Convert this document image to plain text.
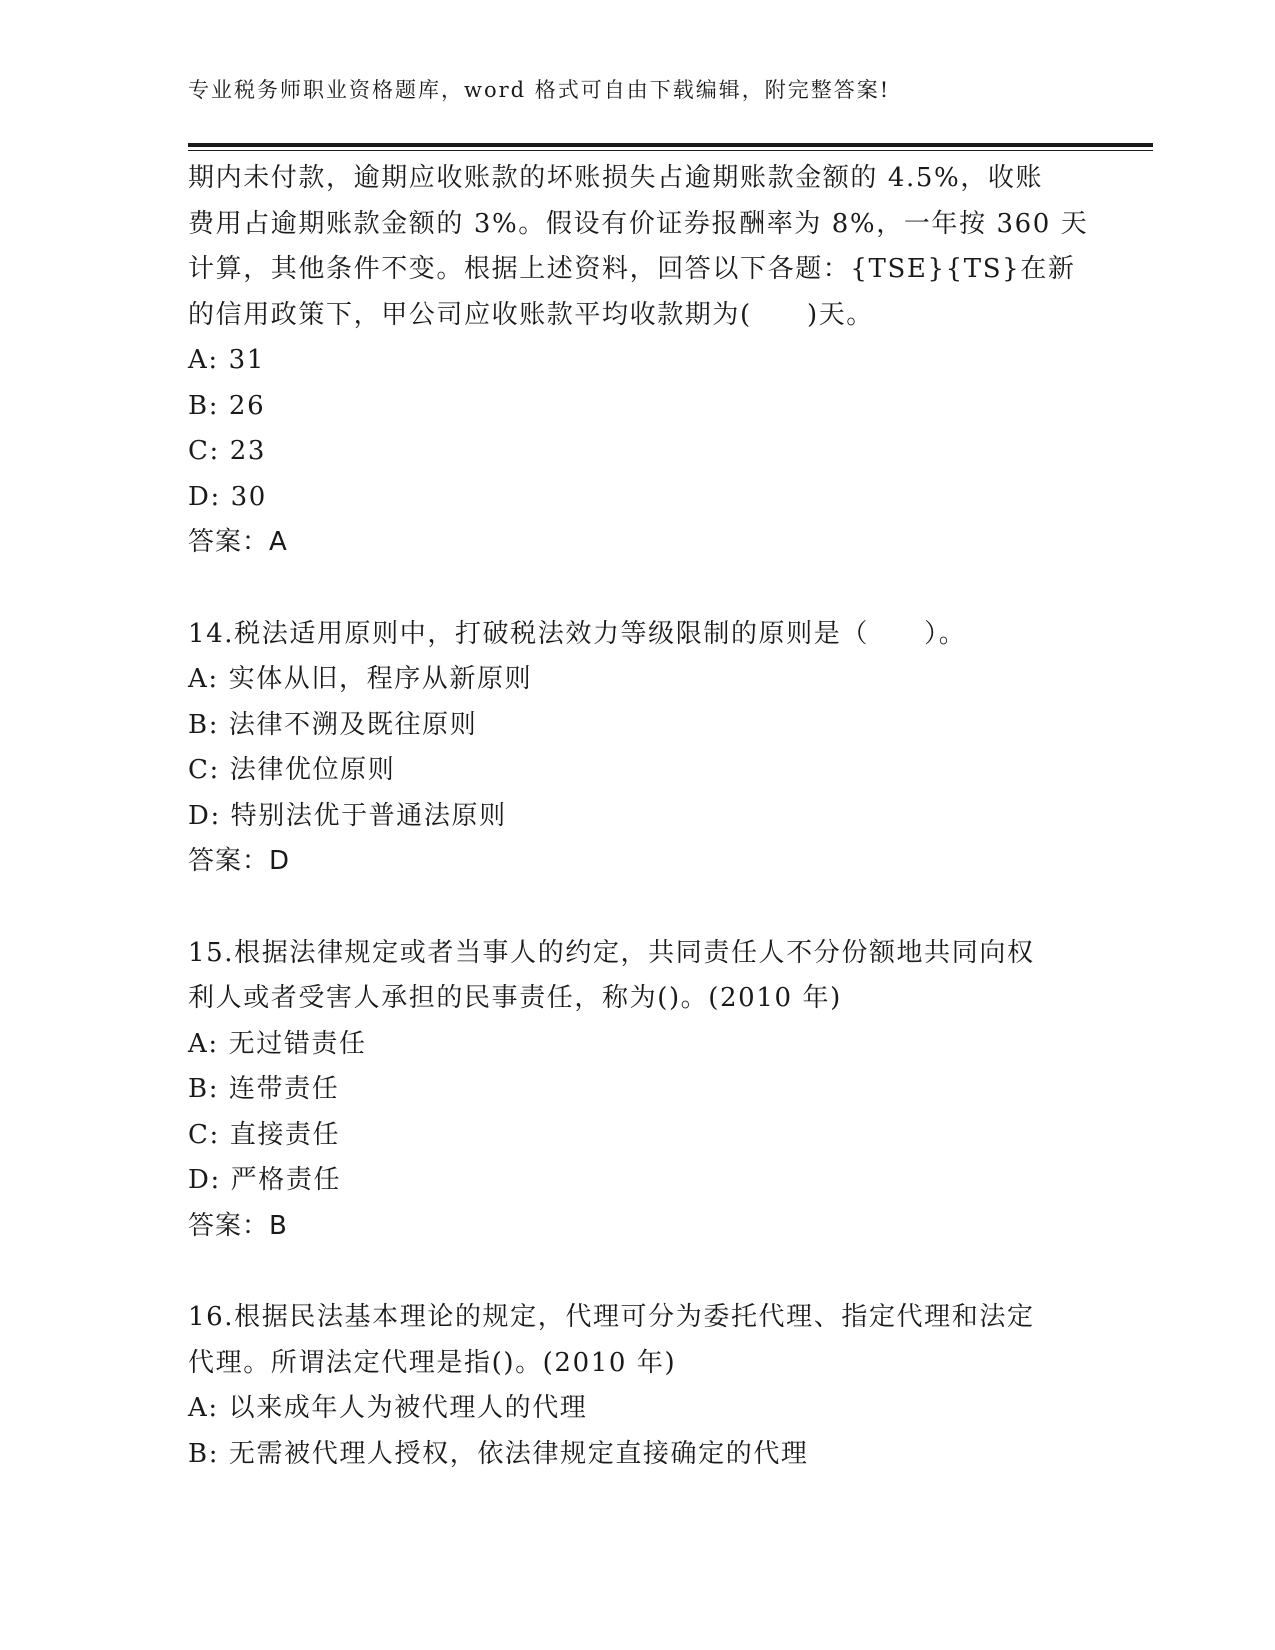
专业税务师职业资格题库，word 格式可自由下载编辑，附完整答案!
期内未付款，逾期应收账款的坏账损失占逾期账款金额的 4.5%，收账
费用占逾期账款金额的 3%。假设有价证券报酬率为 8%，一年按 360 天
计算，其他条件不变。根据上述资料，回答以下各题：{TSE}{TS}在新
的信用政策下，甲公司应收账款平均收款期为(　　)天。
A: 31
B: 26
C: 23
D: 30
答案：A
14.税法适用原则中，打破税法效力等级限制的原则是（　　）。
A: 实体从旧，程序从新原则
B: 法律不溯及既往原则
C: 法律优位原则
D: 特别法优于普通法原则
答案：D
15.根据法律规定或者当事人的约定，共同责任人不分份额地共同向权
利人或者受害人承担的民事责任，称为()。(2010 年)
A: 无过错责任
B: 连带责任
C: 直接责任
D: 严格责任
答案：B
16.根据民法基本理论的规定，代理可分为委托代理、指定代理和法定
代理。所谓法定代理是指()。(2010 年)
A: 以来成年人为被代理人的代理
B: 无需被代理人授权，依法律规定直接确定的代理
